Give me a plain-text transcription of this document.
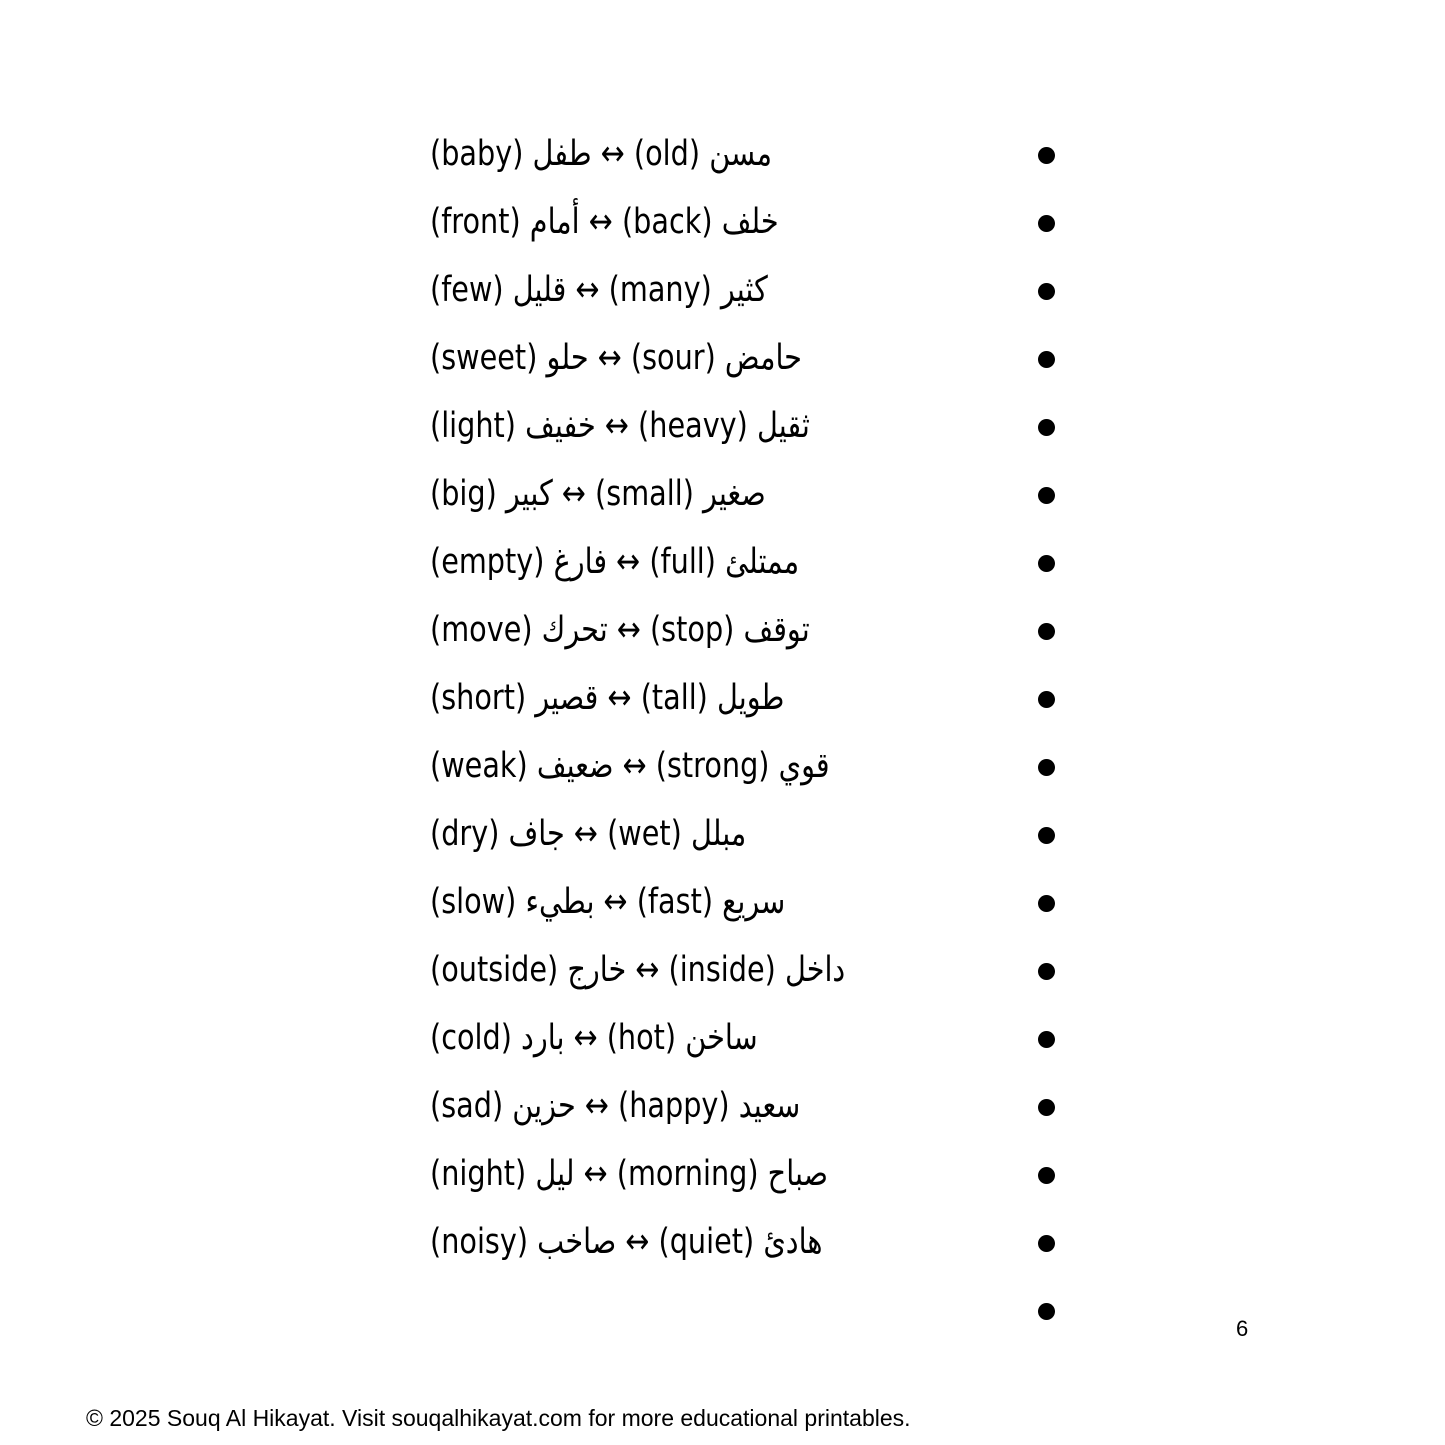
(baby) طفل ↔ (old) مسن
(front) أمام ↔ (back) خلف
(few) قليل ↔ (many) كثير
(sweet) حلو ↔ (sour) حامض
(light) خفيف ↔ (heavy) ثقيل
(big) كبير ↔ (small) صغير
(empty) فارغ ↔ (full) ممتلئ
(move) تحرك ↔ (stop) توقف
(short) قصير ↔ (tall) طويل
(weak) ضعيف ↔ (strong) قوي
(dry) جاف ↔ (wet) مبلل
(slow) بطيء ↔ (fast) سريع
(outside) خارج ↔ (inside) داخل
(cold) بارد ↔ (hot) ساخن
(sad) حزين ↔ (happy) سعيد
(night) ليل ↔ (morning) صباح
(noisy) صاخب ↔ (quiet) هادئ
6
© 2025 Souq Al Hikayat. Visit souqalhikayat.com for more educational printables.
